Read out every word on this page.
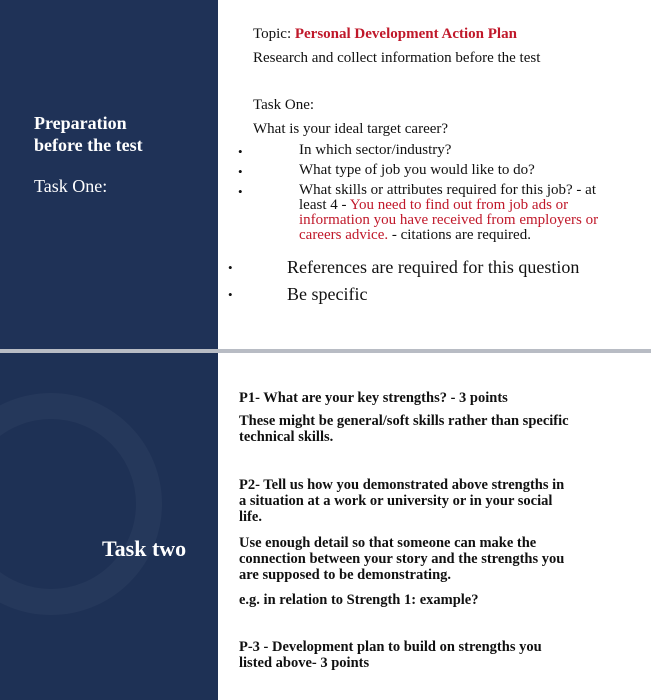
Preparation
before the test
Task One:
Topic: Personal Development Action Plan
Research and collect information before the test
Task One:
What is your ideal target career?
•	In which sector/industry?
•	What type of job you would like to do?
•	What skills or attributes required for this job? - at
least 4 - You need to find out from job ads or
information you have received from employers or
careers advice. - citations are required.
•	References are required for this question
•	Be specific
Task two
P1- What are your key strengths? - 3 points
These might be general/soft skills rather than specific
technical skills.
P2- Tell us how you demonstrated above strengths in
a situation at a work or university or in your social
life.
Use enough detail so that someone can make the
connection between your story and the strengths you
are supposed to be demonstrating.
e.g. in relation to Strength 1: example?
P-3 - Development plan to build on strengths you
listed above- 3 points
